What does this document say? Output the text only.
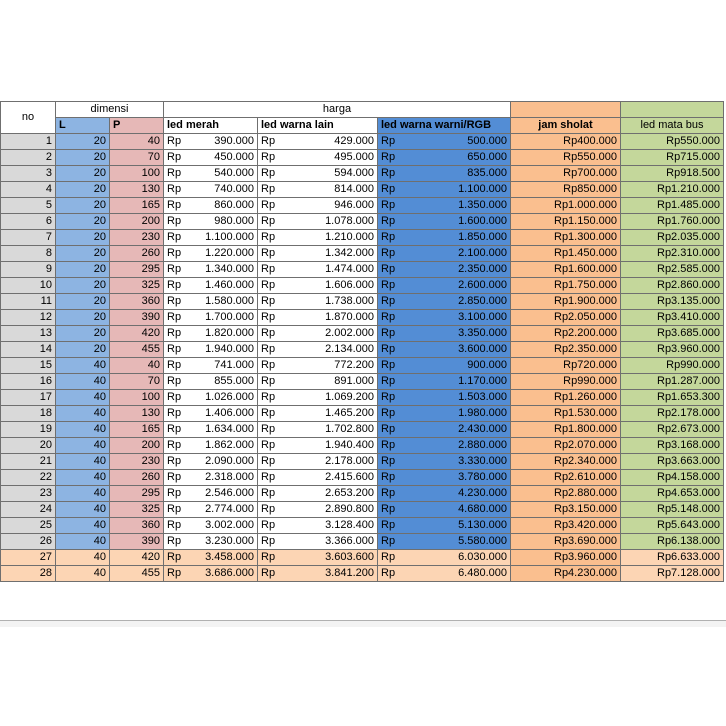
no	dimensi		harga				
	L	P	led merah	led warna lain	led warna warni/RGB	jam sholat	led mata bus
1	20	40	Rp 390.000	Rp 429.000	Rp 500.000	Rp400.000	Rp550.000
2	20	70	Rp 450.000	Rp 495.000	Rp 650.000	Rp550.000	Rp715.000
3	20	100	Rp 540.000	Rp 594.000	Rp 835.000	Rp700.000	Rp918.500
4	20	130	Rp 740.000	Rp 814.000	Rp 1.100.000	Rp850.000	Rp1.210.000
5	20	165	Rp 860.000	Rp 946.000	Rp 1.350.000	Rp1.000.000	Rp1.485.000
6	20	200	Rp 980.000	Rp 1.078.000	Rp 1.600.000	Rp1.150.000	Rp1.760.000
7	20	230	Rp 1.100.000	Rp 1.210.000	Rp 1.850.000	Rp1.300.000	Rp2.035.000
8	20	260	Rp 1.220.000	Rp 1.342.000	Rp 2.100.000	Rp1.450.000	Rp2.310.000
9	20	295	Rp 1.340.000	Rp 1.474.000	Rp 2.350.000	Rp1.600.000	Rp2.585.000
10	20	325	Rp 1.460.000	Rp 1.606.000	Rp 2.600.000	Rp1.750.000	Rp2.860.000
11	20	360	Rp 1.580.000	Rp 1.738.000	Rp 2.850.000	Rp1.900.000	Rp3.135.000
12	20	390	Rp 1.700.000	Rp 1.870.000	Rp 3.100.000	Rp2.050.000	Rp3.410.000
13	20	420	Rp 1.820.000	Rp 2.002.000	Rp 3.350.000	Rp2.200.000	Rp3.685.000
14	20	455	Rp 1.940.000	Rp 2.134.000	Rp 3.600.000	Rp2.350.000	Rp3.960.000
15	40	40	Rp 741.000	Rp 772.200	Rp 900.000	Rp720.000	Rp990.000
16	40	70	Rp 855.000	Rp 891.000	Rp 1.170.000	Rp990.000	Rp1.287.000
17	40	100	Rp 1.026.000	Rp 1.069.200	Rp 1.503.000	Rp1.260.000	Rp1.653.300
18	40	130	Rp 1.406.000	Rp 1.465.200	Rp 1.980.000	Rp1.530.000	Rp2.178.000
19	40	165	Rp 1.634.000	Rp 1.702.800	Rp 2.430.000	Rp1.800.000	Rp2.673.000
20	40	200	Rp 1.862.000	Rp 1.940.400	Rp 2.880.000	Rp2.070.000	Rp3.168.000
21	40	230	Rp 2.090.000	Rp 2.178.000	Rp 3.330.000	Rp2.340.000	Rp3.663.000
22	40	260	Rp 2.318.000	Rp 2.415.600	Rp 3.780.000	Rp2.610.000	Rp4.158.000
23	40	295	Rp 2.546.000	Rp 2.653.200	Rp 4.230.000	Rp2.880.000	Rp4.653.000
24	40	325	Rp 2.774.000	Rp 2.890.800	Rp 4.680.000	Rp3.150.000	Rp5.148.000
25	40	360	Rp 3.002.000	Rp 3.128.400	Rp 5.130.000	Rp3.420.000	Rp5.643.000
26	40	390	Rp 3.230.000	Rp 3.366.000	Rp 5.580.000	Rp3.690.000	Rp6.138.000
27	40	420	Rp 3.458.000	Rp 3.603.600	Rp 6.030.000	Rp3.960.000	Rp6.633.000
28	40	455	Rp 3.686.000	Rp 3.841.200	Rp 6.480.000	Rp4.230.000	Rp7.128.000
